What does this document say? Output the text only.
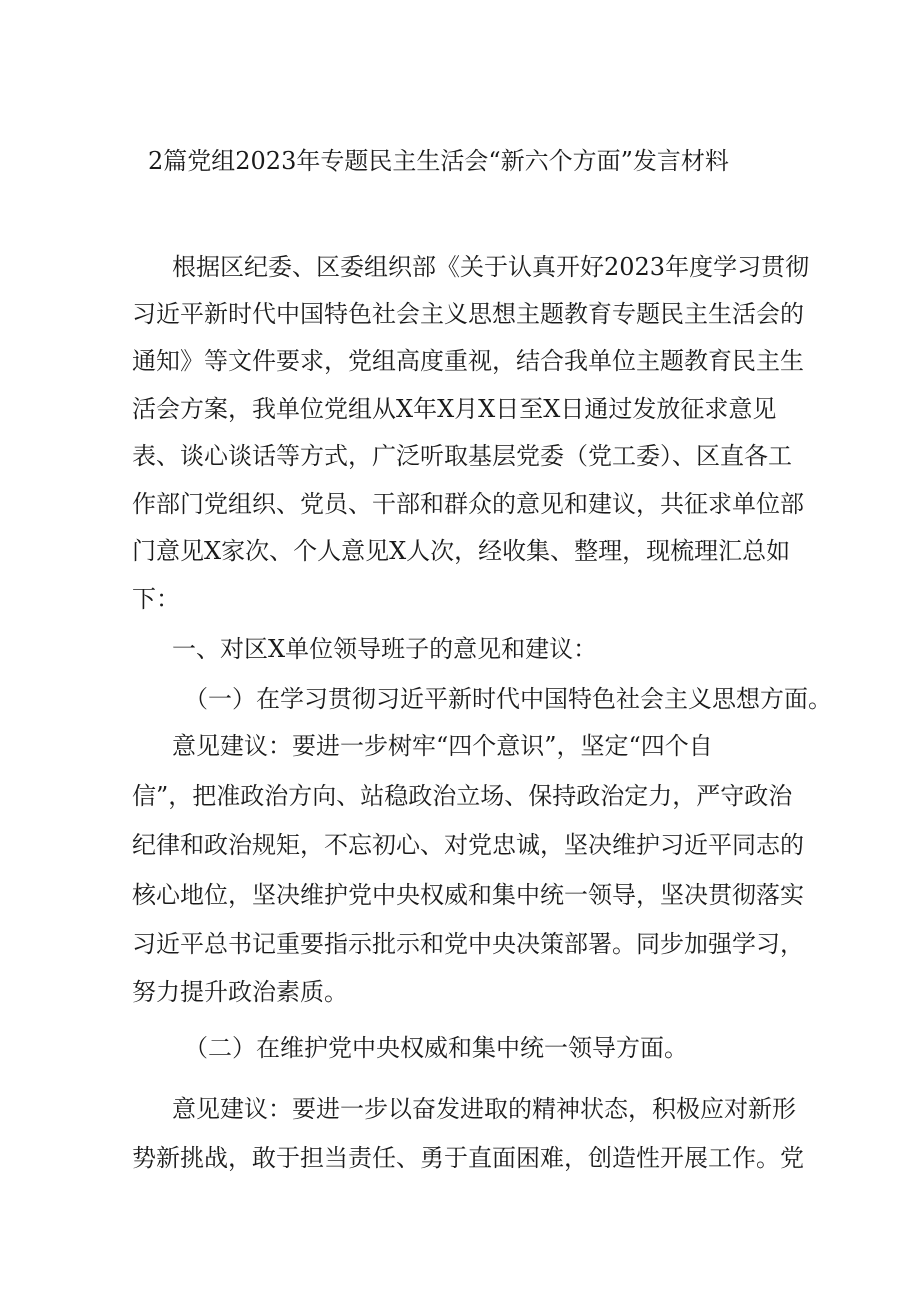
2篇党组2023年专题民主生活会“新六个方面”发言材料
根据区纪委、区委组织部《关于认真开好2023年度学习贯彻
习近平新时代中国特色社会主义思想主题教育专题民主生活会的
通知》等文件要求，党组高度重视，结合我单位主题教育民主生
活会方案，我单位党组从X年X月X日至X日通过发放征求意见
表、谈心谈话等方式，广泛听取基层党委（党工委）、区直各工
作部门党组织、党员、干部和群众的意见和建议，共征求单位部
门意见X家次、个人意见X人次，经收集、整理，现梳理汇总如
下：
一、对区X单位领导班子的意见和建议：
（一）在学习贯彻习近平新时代中国特色社会主义思想方面。
意见建议：要进一步树牢“四个意识”，坚定“四个自
信”，把准政治方向、站稳政治立场、保持政治定力，严守政治
纪律和政治规矩，不忘初心、对党忠诚，坚决维护习近平同志的
核心地位，坚决维护党中央权威和集中统一领导，坚决贯彻落实
习近平总书记重要指示批示和党中央决策部署。同步加强学习，
努力提升政治素质。
（二）在维护党中央权威和集中统一领导方面。
意见建议：要进一步以奋发进取的精神状态，积极应对新形
势新挑战，敢于担当责任、勇于直面困难，创造性开展工作。党
